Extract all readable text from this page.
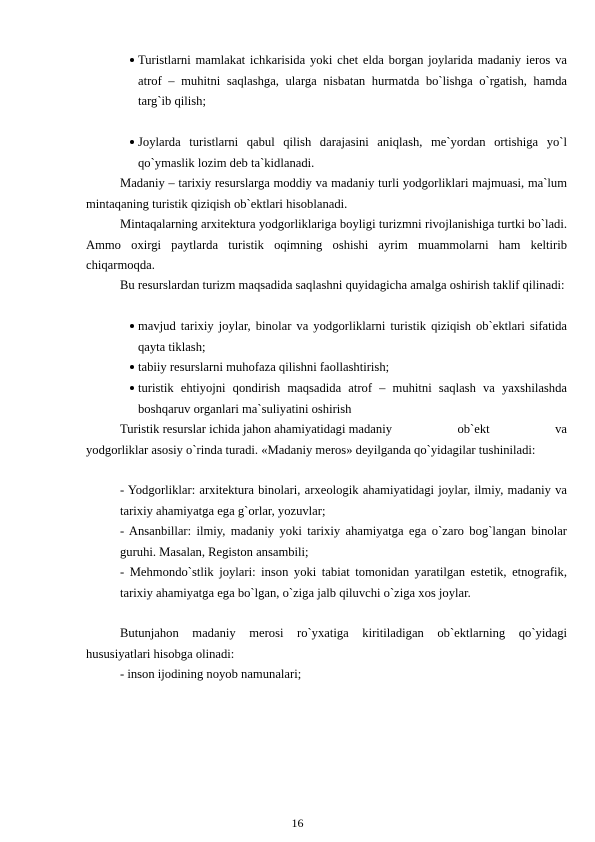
Turistlarni mamlakat ichkarisida yoki chet elda borgan joylarida madaniy ieros va atrof – muhitni saqlashga, ularga nisbatan hurmatda bo`lishga o`rgatish, hamda targ`ib qilish;
Joylarda turistlarni qabul qilish darajasini aniqlash, me`yordan ortishiga yo`l qo`ymaslik lozim deb ta`kidlanadi.
Madaniy – tarixiy resurslarga moddiy va madaniy turli yodgorliklari majmuasi, ma`lum mintaqaning turistik qiziqish ob`ektlari hisoblanadi.
Mintaqalarning arxitektura yodgorliklariga boyligi turizmni rivojlanishiga turtki bo`ladi. Ammo oxirgi paytlarda turistik oqimning oshishi ayrim muammolarni ham keltirib chiqarmoqda.
Bu resurslardan turizm maqsadida saqlashni quyidagicha amalga oshirish taklif qilinadi:
mavjud tarixiy joylar, binolar va yodgorliklarni turistik qiziqish ob`ektlari sifatida qayta tiklash;
tabiiy resurslarni muhofaza qilishni faollashtirish;
turistik ehtiyojni qondirish maqsadida atrof – muhitni saqlash va yaxshilashda boshqaruv organlari ma`suliyatini oshirish
Turistik resurslar ichida jahon ahamiyatidagi madaniy	ob`ekt	va
yodgorliklar asosiy o`rinda turadi. «Madaniy meros» deyilganda qo`yidagilar tushiniladi:
- Yodgorliklar: arxitektura binolari, arxeologik ahamiyatidagi joylar, ilmiy, madaniy va tarixiy ahamiyatga ega g`orlar, yozuvlar;
- Ansanbillar: ilmiy, madaniy yoki tarixiy ahamiyatga ega o`zaro bog`langan binolar guruhi. Masalan, Registon ansambili;
- Mehmondo`stlik joylari: inson yoki tabiat tomonidan yaratilgan estetik, etnografik, tarixiy ahamiyatga ega bo`lgan, o`ziga jalb qiluvchi o`ziga xos joylar.
Butunjahon madaniy merosi ro`yxatiga kiritiladigan ob`ektlarning qo`yidagi hususiyatlari hisobga olinadi:
- inson ijodining noyob namunalari;
16
